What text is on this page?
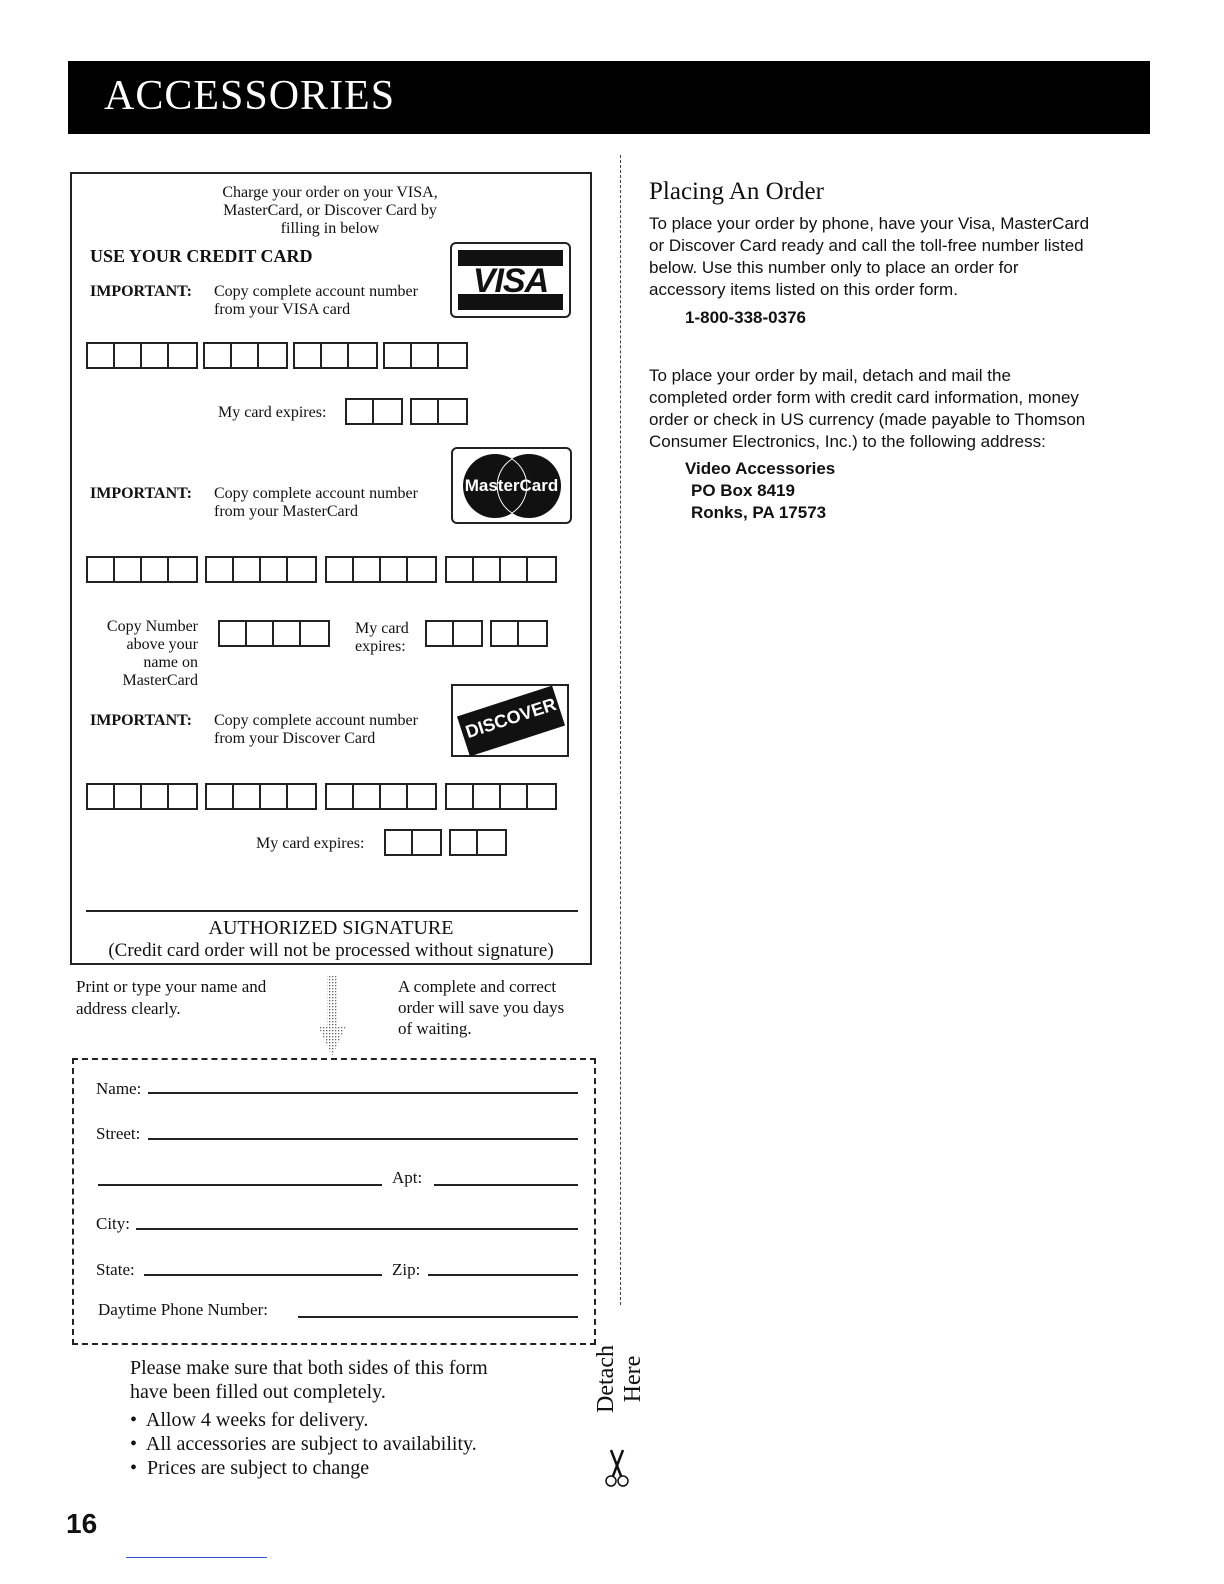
ACCESSORIES
Charge your order on your VISA,
MasterCard, or Discover Card by
filling in below
USE YOUR CREDIT CARD
IMPORTANT: Copy complete account number
from your VISA card
VISA
My card expires:
IMPORTANT: Copy complete account number
from your MasterCard
MasterCard
Copy Number
above your
name on
MasterCard
My card
expires:
IMPORTANT: Copy complete account number
from your Discover Card	DISCOVER
My card expires:
AUTHORIZED SIGNATURE
(Credit card order will not be processed without signature)
Print or type your name and
address clearly.
A complete and correct
order will save you days
of waiting.
Name:
Street:
Apt:
City:
State:	Zip:
Daytime Phone Number:
Please make sure that both sides of this form
have been filled out completely.
•  Allow 4 weeks for delivery.
•  All accessories are subject to availability.
•  Prices are subject to change
Detach Here
Placing An Order
To place your order by phone, have your Visa, MasterCard
or Discover Card ready and call the toll-free number listed
below. Use this number only to place an order for
accessory items listed on this order form.
1-800-338-0376
To place your order by mail, detach and mail the
completed order form with credit card information, money
order or check in US currency (made payable to Thomson
Consumer Electronics, Inc.) to the following address:
Video Accessories
PO Box 8419
Ronks, PA 17573
16
